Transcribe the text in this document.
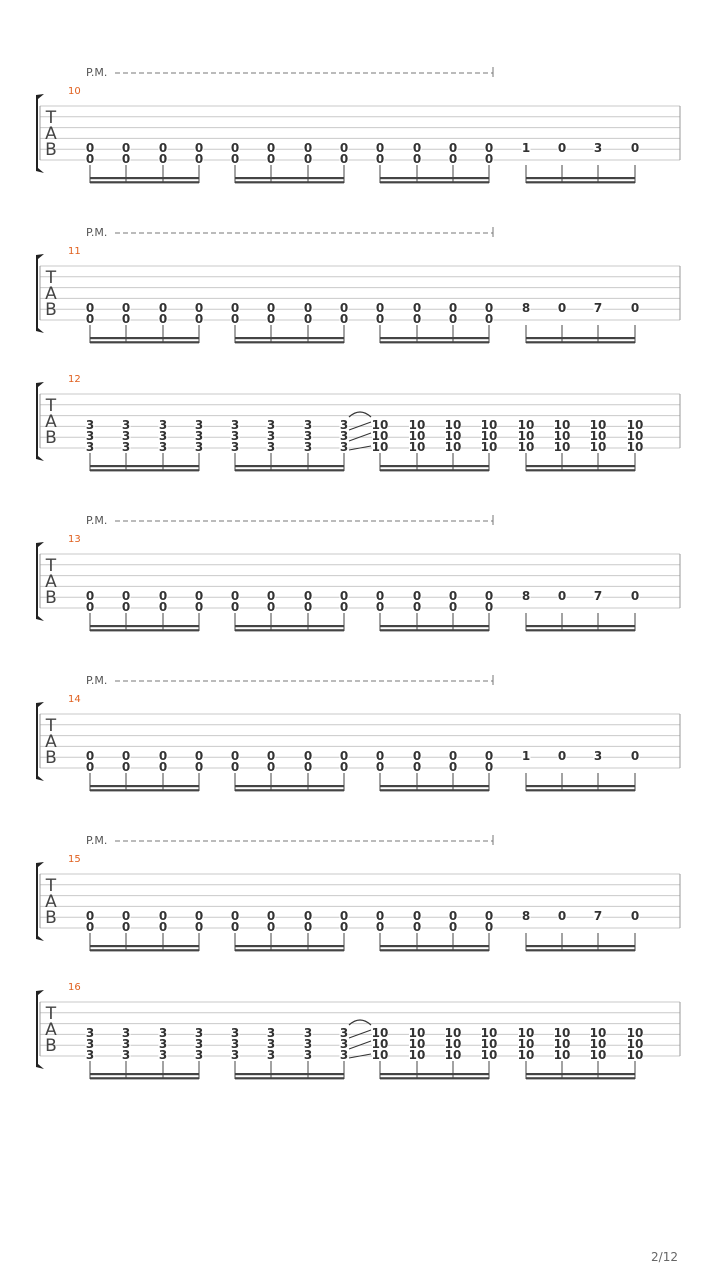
T
A
B
10
P.M.
0 0 0 0 0 0 0 0 0 0 0 0 1 0 3 0
0 0 0 0 0 0 0 0 0 0 0 0
T
A
B
11
P.M.
0 0 0 0 0 0 0 0 0 0 0 0 8 0 7 0
0 0 0 0 0 0 0 0 0 0 0 0
T
A
B
12
3
3
3
3
3
3
3
3
3
3
3
3
3
3
3
3
3
3
3
3
3
3
3
3
10
10
10
10
10
10
10
10
10
10
10
10
10
10
10
10
10
10
10
10
10
10
10
10
T
A
B
13
P.M.
0 0 0 0 0 0 0 0 0 0 0 0 8 0 7 0
0 0 0 0 0 0 0 0 0 0 0 0
T
A
B
14
P.M.
0 0 0 0 0 0 0 0 0 0 0 0 1 0 3 0
0 0 0 0 0 0 0 0 0 0 0 0
T
A
B
15
P.M.
0 0 0 0 0 0 0 0 0 0 0 0 8 0 7 0
0 0 0 0 0 0 0 0 0 0 0 0
T
A
B
16
3
3
3
3
3
3
3
3
3
3
3
3
3
3
3
3
3
3
3
3
3
3
3
3
10
10
10
10
10
10
10
10
10
10
10
10
10
10
10
10
10
10
10
10
10
10
10
10
2/12
